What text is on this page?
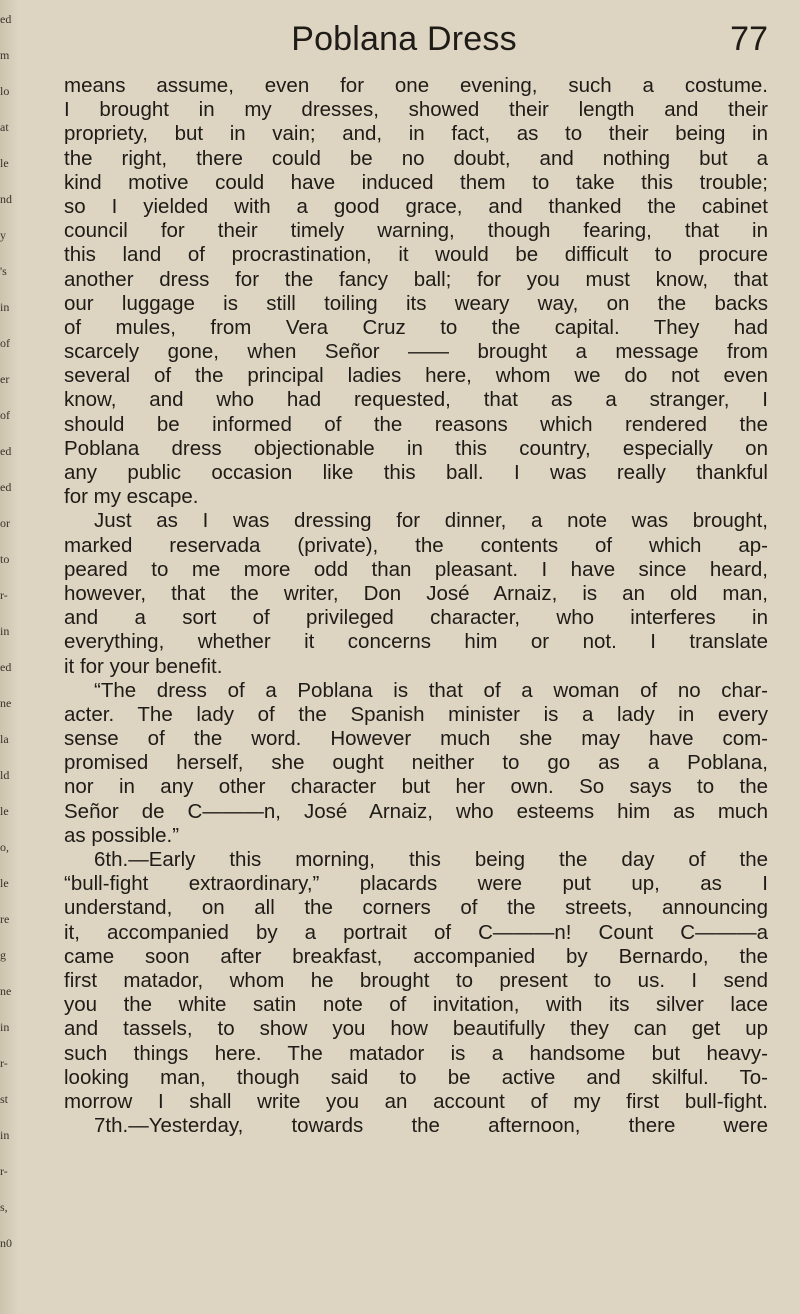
ed
m
lo
at
le
nd
y
's
in
of
er
of
ed
ed
or
to
r-
in
ed
ne
la
ld
le
o,
le
re
g
ne
in
r-
st
in
r-
s,
n0
Poblana Dress	77
means assume, even for one evening, such a costume.
I brought in my dresses, showed their length and their
propriety, but in vain; and, in fact, as to their being in
the right, there could be no doubt, and nothing but a
kind motive could have induced them to take this trouble;
so I yielded with a good grace, and thanked the cabinet
council for their timely warning, though fearing, that in
this land of procrastination, it would be difficult to procure
another dress for the fancy ball; for you must know, that
our luggage is still toiling its weary way, on the backs
of mules, from Vera Cruz to the capital. They had
scarcely gone, when Señor —— brought a message from
several of the principal ladies here, whom we do not even
know, and who had requested, that as a stranger, I
should be informed of the reasons which rendered the
Poblana dress objectionable in this country, especially on
any public occasion like this ball. I was really thankful
for my escape.
Just as I was dressing for dinner, a note was brought,
marked reservada (private), the contents of which ap-
peared to me more odd than pleasant. I have since heard,
however, that the writer, Don José Arnaiz, is an old man,
and a sort of privileged character, who interferes in
everything, whether it concerns him or not. I translate
it for your benefit.
“The dress of a Poblana is that of a woman of no char-
acter. The lady of the Spanish minister is a lady in every
sense of the word. However much she may have com-
promised herself, she ought neither to go as a Poblana,
nor in any other character but her own. So says to the
Señor de C———n, José Arnaiz, who esteems him as much
as possible.”
6th.—Early this morning, this being the day of the
“bull-fight extraordinary,” placards were put up, as I
understand, on all the corners of the streets, announcing
it, accompanied by a portrait of C———n! Count C———a
came soon after breakfast, accompanied by Bernardo, the
first matador, whom he brought to present to us. I send
you the white satin note of invitation, with its silver lace
and tassels, to show you how beautifully they can get up
such things here. The matador is a handsome but heavy-
looking man, though said to be active and skilful. To-
morrow I shall write you an account of my first bull-fight.
7th.—Yesterday, towards the afternoon, there were
